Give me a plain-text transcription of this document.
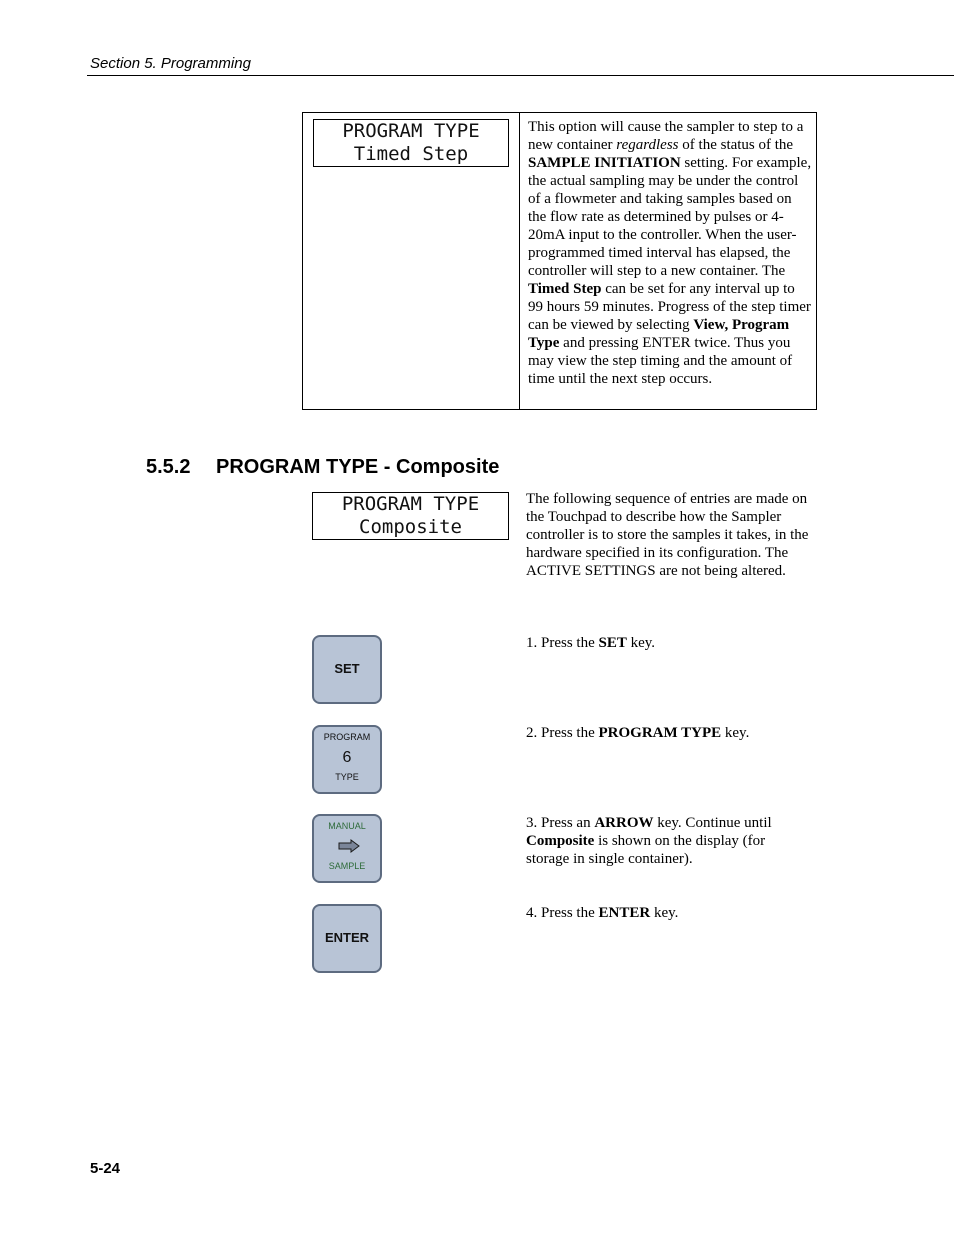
Section 5. Programming
PROGRAM TYPE
Timed Step

This option will cause the sampler to step to a new container regardless of the status of the SAMPLE INITIATION setting. For example, the actual sampling may be under the control of a flowmeter and taking samples based on the flow rate as determined by pulses or 4-20mA input to the controller. When the user-programmed timed interval has elapsed, the controller will step to a new container. The Timed Step can be set for any interval up to 99 hours 59 minutes. Progress of the step timer can be viewed by selecting View, Program Type and pressing ENTER twice. Thus you may view the step timing and the amount of time until the next step occurs.

5.5.2 PROGRAM TYPE - Composite
PROGRAM TYPE
Composite

The following sequence of entries are made on the Touchpad to describe how the Sampler controller is to store the samples it takes, in the hardware specified in its configuration. The ACTIVE SETTINGS are not being altered.

SET
PROGRAM
6
TYPE
MANUAL
SAMPLE
ENTER
1. Press the SET key.
2. Press the PROGRAM TYPE key.
3. Press an ARROW key. Continue until Composite is shown on the display (for storage in single container).
4. Press the ENTER key.
5-24
